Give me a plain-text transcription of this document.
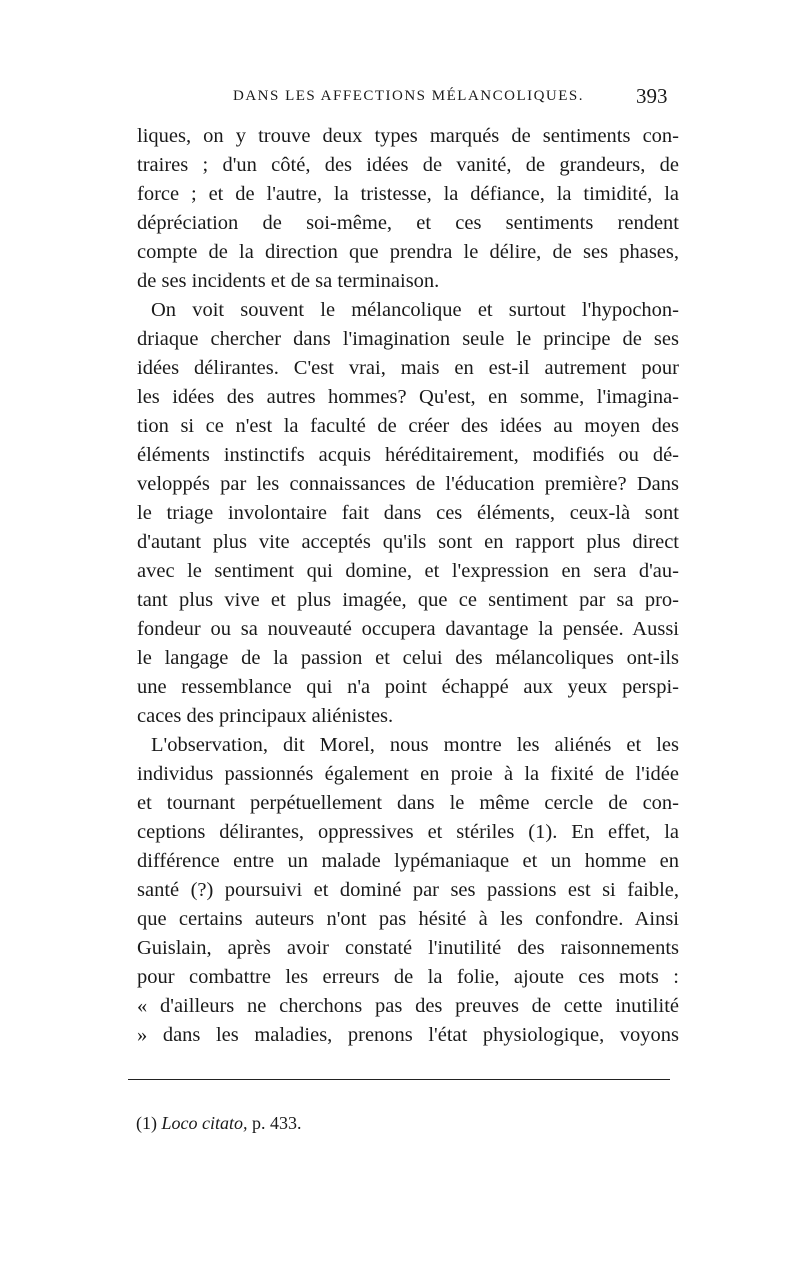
DANS LES AFFECTIONS MÉLANCOLIQUES. 393
liques, on y trouve deux types marqués de sentiments con-
traires ; d'un côté, des idées de vanité, de grandeurs, de
force ; et de l'autre, la tristesse, la défiance, la timidité, la
dépréciation de soi-même, et ces sentiments rendent
compte de la direction que prendra le délire, de ses phases,
de ses incidents et de sa terminaison.
On voit souvent le mélancolique et surtout l'hypochon-
driaque chercher dans l'imagination seule le principe de ses
idées délirantes. C'est vrai, mais en est-il autrement pour
les idées des autres hommes? Qu'est, en somme, l'imagina-
tion si ce n'est la faculté de créer des idées au moyen des
éléments instinctifs acquis héréditairement, modifiés ou dé-
veloppés par les connaissances de l'éducation première? Dans
le triage involontaire fait dans ces éléments, ceux-là sont
d'autant plus vite acceptés qu'ils sont en rapport plus direct
avec le sentiment qui domine, et l'expression en sera d'au-
tant plus vive et plus imagée, que ce sentiment par sa pro-
fondeur ou sa nouveauté occupera davantage la pensée. Aussi
le langage de la passion et celui des mélancoliques ont-ils
une ressemblance qui n'a point échappé aux yeux perspi-
caces des principaux aliénistes.
L'observation, dit Morel, nous montre les aliénés et les
individus passionnés également en proie à la fixité de l'idée
et tournant perpétuellement dans le même cercle de con-
ceptions délirantes, oppressives et stériles (1). En effet, la
différence entre un malade lypémaniaque et un homme en
santé (?) poursuivi et dominé par ses passions est si faible,
que certains auteurs n'ont pas hésité à les confondre. Ainsi
Guislain, après avoir constaté l'inutilité des raisonnements
pour combattre les erreurs de la folie, ajoute ces mots :
« d'ailleurs ne cherchons pas des preuves de cette inutilité
» dans les maladies, prenons l'état physiologique, voyons
(1) Loco citato, p. 433.
